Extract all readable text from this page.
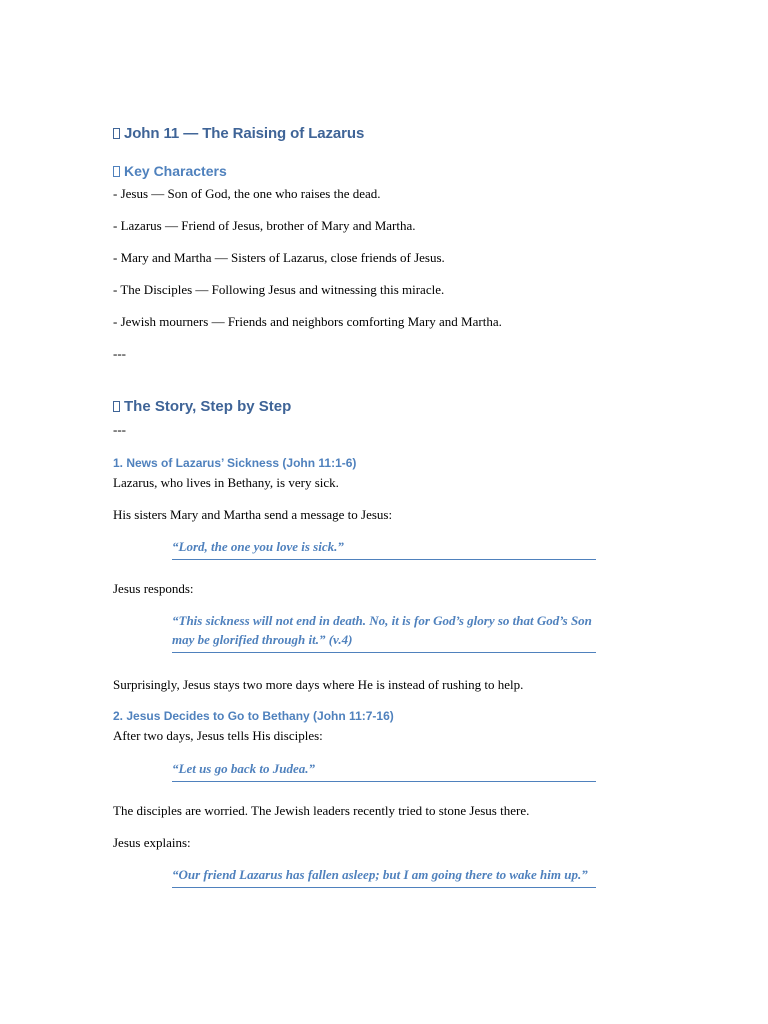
John 11 — The Raising of Lazarus
Key Characters
- Jesus — Son of God, the one who raises the dead.
- Lazarus — Friend of Jesus, brother of Mary and Martha.
- Mary and Martha — Sisters of Lazarus, close friends of Jesus.
- The Disciples — Following Jesus and witnessing this miracle.
- Jewish mourners — Friends and neighbors comforting Mary and Martha.
---
The Story, Step by Step
---
1. News of Lazarus’ Sickness (John 11:1-6)
Lazarus, who lives in Bethany, is very sick.
His sisters Mary and Martha send a message to Jesus:
“Lord, the one you love is sick.”
Jesus responds:
“This sickness will not end in death. No, it is for God’s glory so that God’s Son may be glorified through it.” (v.4)
Surprisingly, Jesus stays two more days where He is instead of rushing to help.
2. Jesus Decides to Go to Bethany (John 11:7-16)
After two days, Jesus tells His disciples:
“Let us go back to Judea.”
The disciples are worried. The Jewish leaders recently tried to stone Jesus there.
Jesus explains:
“Our friend Lazarus has fallen asleep; but I am going there to wake him up.”
